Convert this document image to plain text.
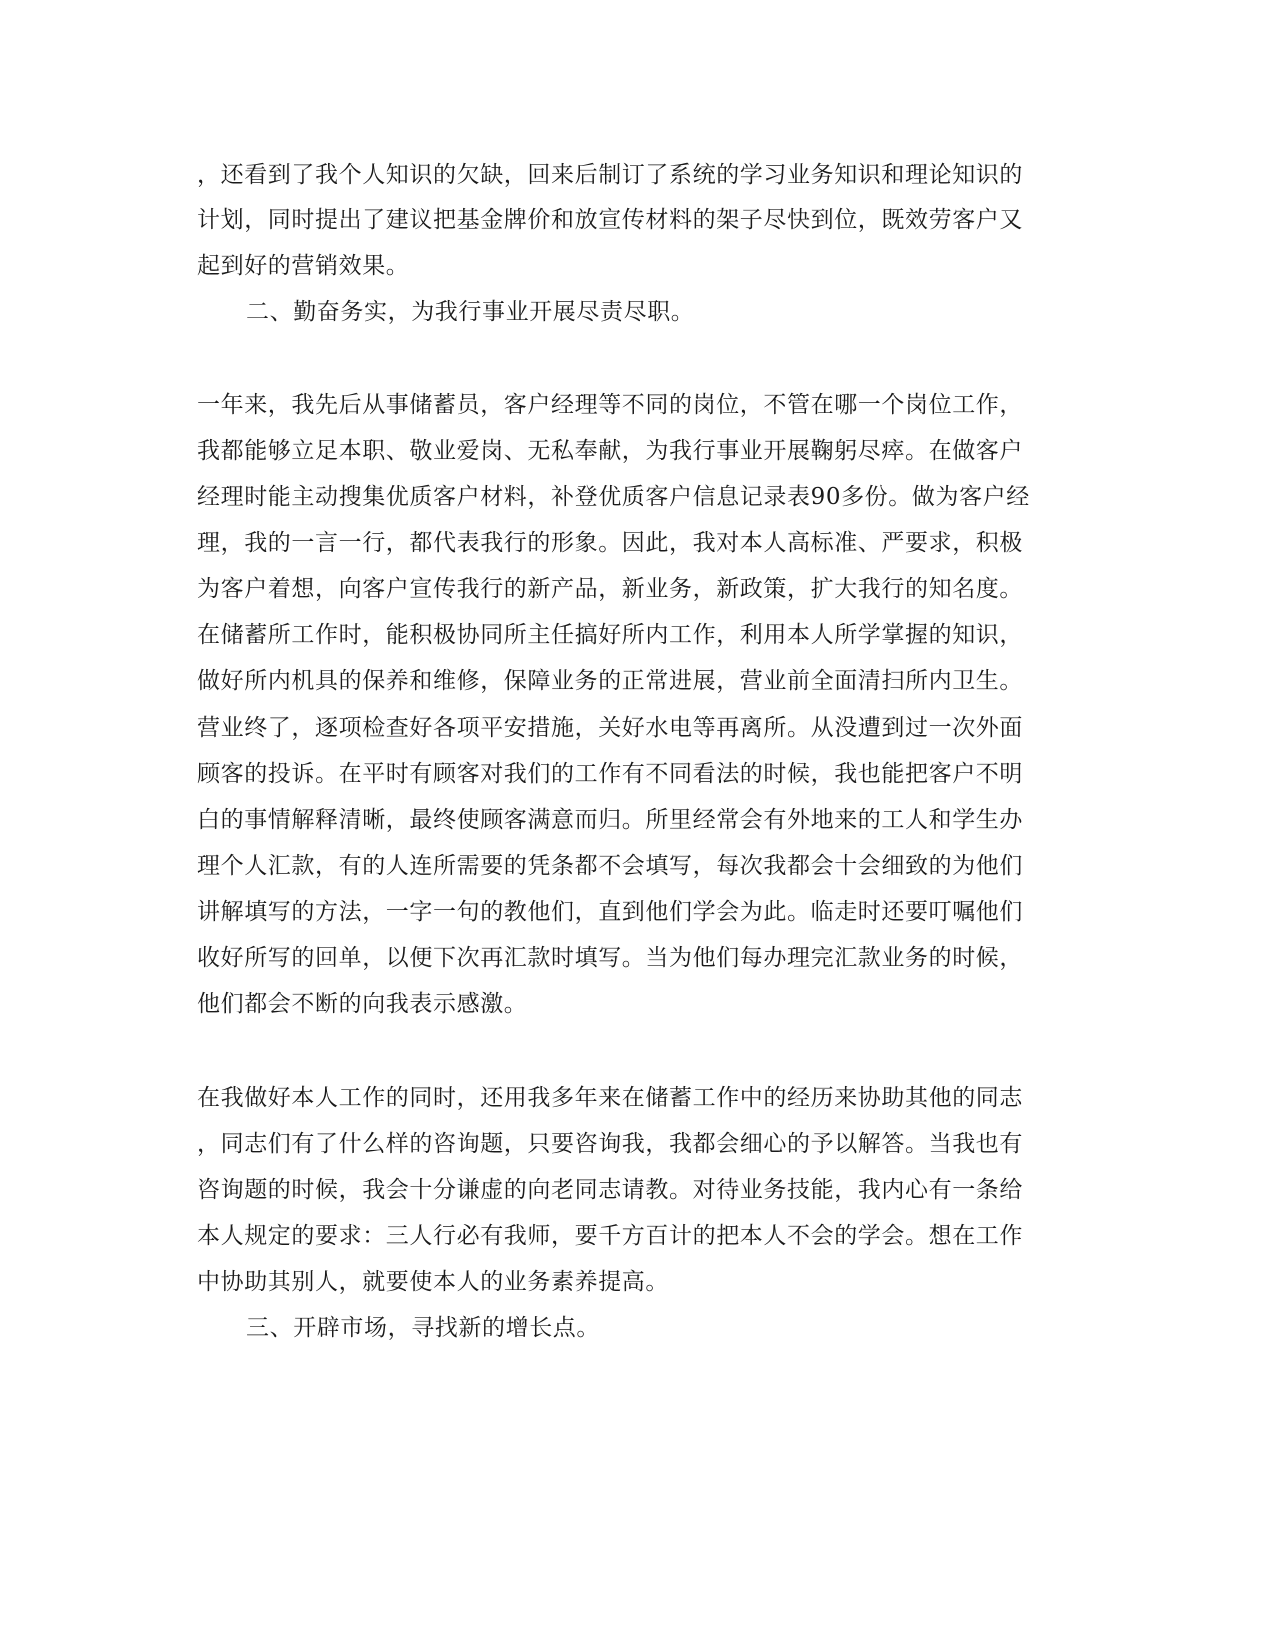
，还看到了我个人知识的欠缺，回来后制订了系统的学习业务知识和理论知识的
计划，同时提出了建议把基金牌价和放宣传材料的架子尽快到位，既效劳客户又
起到好的营销效果。
二、勤奋务实，为我行事业开展尽责尽职。
一年来，我先后从事储蓄员，客户经理等不同的岗位，不管在哪一个岗位工作，
我都能够立足本职、敬业爱岗、无私奉献，为我行事业开展鞠躬尽瘁。在做客户
经理时能主动搜集优质客户材料，补登优质客户信息记录表90多份。做为客户经
理，我的一言一行，都代表我行的形象。因此，我对本人高标准、严要求，积极
为客户着想，向客户宣传我行的新产品，新业务，新政策，扩大我行的知名度。
在储蓄所工作时，能积极协同所主任搞好所内工作，利用本人所学掌握的知识，
做好所内机具的保养和维修，保障业务的正常进展，营业前全面清扫所内卫生。
营业终了，逐项检查好各项平安措施，关好水电等再离所。从没遭到过一次外面
顾客的投诉。在平时有顾客对我们的工作有不同看法的时候，我也能把客户不明
白的事情解释清晰，最终使顾客满意而归。所里经常会有外地来的工人和学生办
理个人汇款，有的人连所需要的凭条都不会填写，每次我都会十会细致的为他们
讲解填写的方法，一字一句的教他们，直到他们学会为此。临走时还要叮嘱他们
收好所写的回单，以便下次再汇款时填写。当为他们每办理完汇款业务的时候，
他们都会不断的向我表示感激。
在我做好本人工作的同时，还用我多年来在储蓄工作中的经历来协助其他的同志
，同志们有了什么样的咨询题，只要咨询我，我都会细心的予以解答。当我也有
咨询题的时候，我会十分谦虚的向老同志请教。对待业务技能，我内心有一条给
本人规定的要求：三人行必有我师，要千方百计的把本人不会的学会。想在工作
中协助其别人，就要使本人的业务素养提高。
三、开辟市场，寻找新的增长点。
